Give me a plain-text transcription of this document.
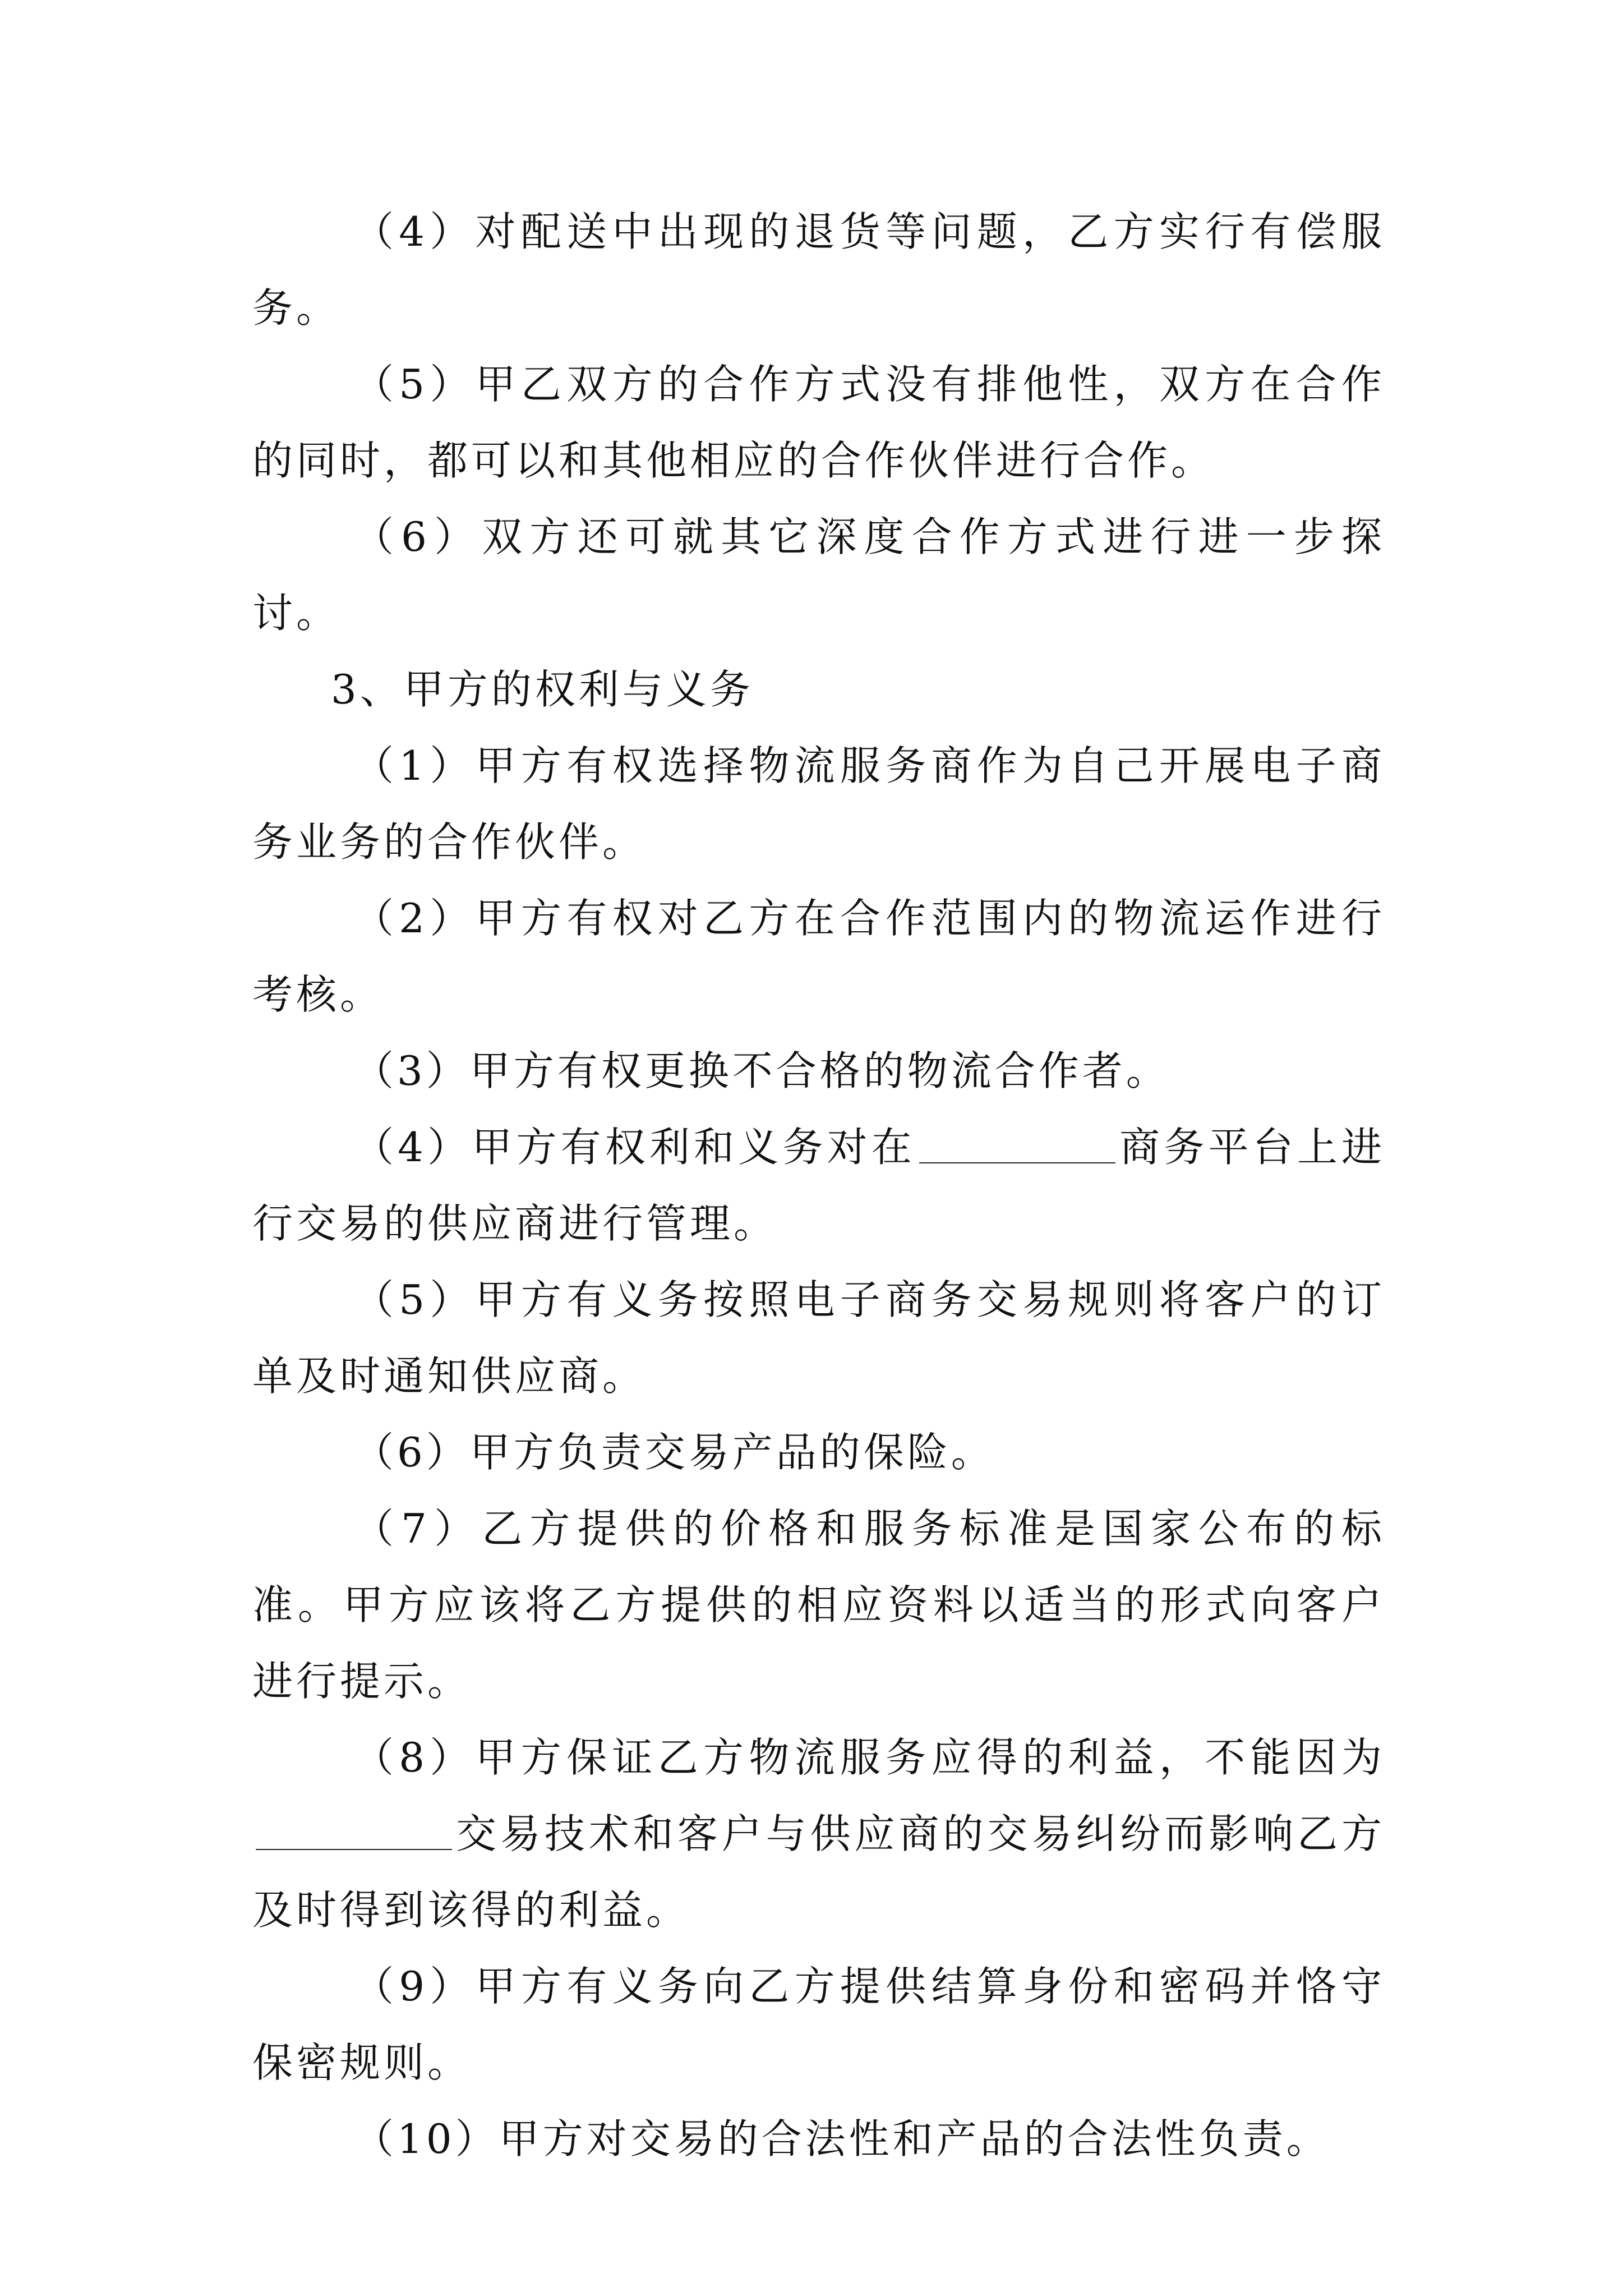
（4）对配送中出现的退货等问题，乙方实行有偿服务。

（5）甲乙双方的合作方式没有排他性，双方在合作的同时，都可以和其他相应的合作伙伴进行合作。

（6）双方还可就其它深度合作方式进行进一步探讨。

3、甲方的权利与义务

（1）甲方有权选择物流服务商作为自己开展电子商务业务的合作伙伴。

（2）甲方有权对乙方在合作范围内的物流运作进行考核。

（3）甲方有权更换不合格的物流合作者。

（4）甲方有权利和义务对在	商务平台上进行交易的供应商进行管理。

（5）甲方有义务按照电子商务交易规则将客户的订单及时通知供应商。

（6）甲方负责交易产品的保险。

（7）乙方提供的价格和服务标准是国家公布的标准。甲方应该将乙方提供的相应资料以适当的形式向客户进行提示。

（8）甲方保证乙方物流服务应得的利益，不能因为交易技术和客户与供应商的交易纠纷而影响乙方及时得到该得的利益。

（9）甲方有义务向乙方提供结算身份和密码并恪守保密规则。

（10）甲方对交易的合法性和产品的合法性负责。
